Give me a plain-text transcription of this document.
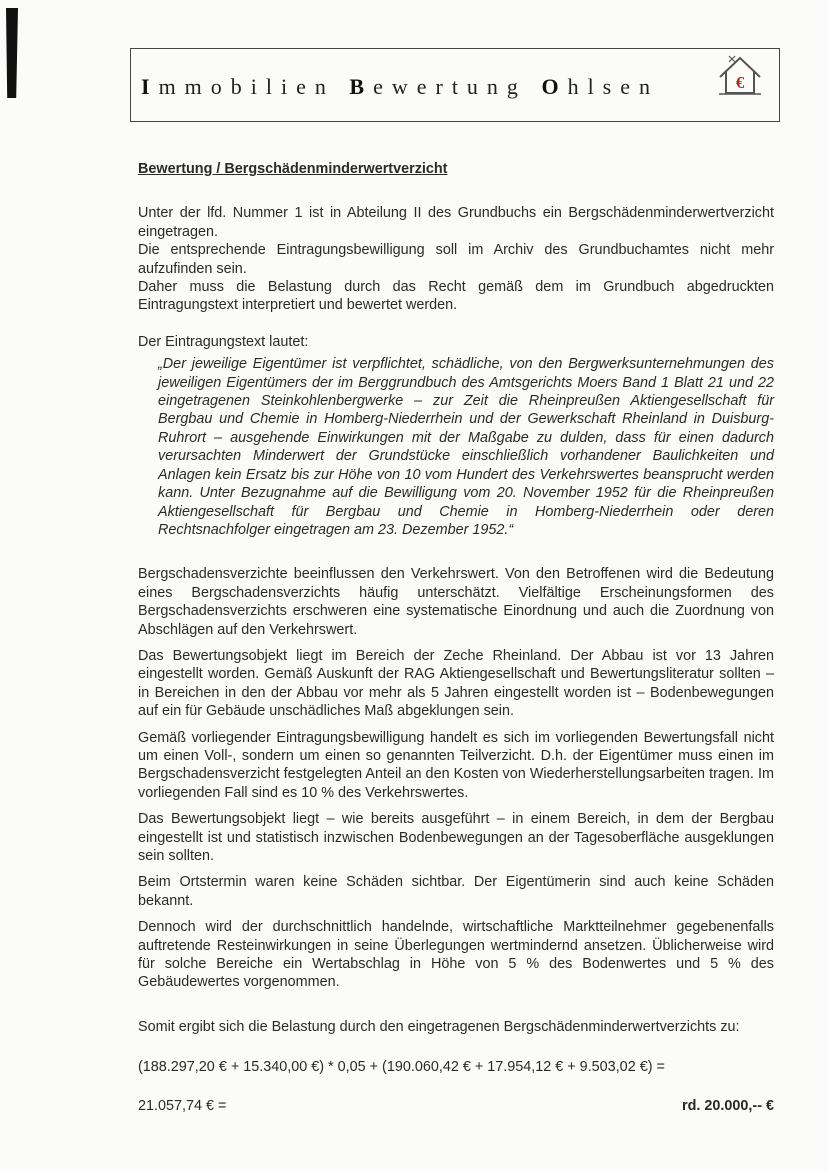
Immobilien Bewertung Ohlsen	€
Bewertung / Bergschädenminderwertverzicht

Unter der lfd. Nummer 1 ist in Abteilung II des Grundbuchs ein Bergschädenminderwertverzicht eingetragen.

Die entsprechende Eintragungsbewilligung soll im Archiv des Grundbuchamtes nicht mehr aufzufinden sein.

Daher muss die Belastung durch das Recht gemäß dem im Grundbuch abgedruckten Eintragungstext interpretiert und bewertet werden.

Der Eintragungstext lautet:

„Der jeweilige Eigentümer ist verpflichtet, schädliche, von den Bergwerksunternehmungen des jeweiligen Eigentümers der im Berggrundbuch des Amtsgerichts Moers Band 1 Blatt 21 und 22 eingetragenen Steinkohlenbergwerke – zur Zeit die Rheinpreußen Aktiengesellschaft für Bergbau und Chemie in Homberg-Niederrhein und der Gewerkschaft Rheinland in Duisburg-Ruhrort – ausgehende Einwirkungen mit der Maßgabe zu dulden, dass für einen dadurch verursachten Minderwert der Grundstücke einschließlich vorhandener Baulichkeiten und Anlagen kein Ersatz bis zur Höhe von 10 vom Hundert des Verkehrswertes beansprucht werden kann. Unter Bezugnahme auf die Bewilligung vom 20. November 1952 für die Rheinpreußen Aktiengesellschaft für Bergbau und Chemie in Homberg-Niederrhein oder deren Rechtsnachfolger eingetragen am 23. Dezember 1952.“

Bergschadensverzichte beeinflussen den Verkehrswert. Von den Betroffenen wird die Bedeutung eines Bergschadensverzichts häufig unterschätzt. Vielfältige Erscheinungsformen des Bergschadensverzichts erschweren eine systematische Einordnung und auch die Zuordnung von Abschlägen auf den Verkehrswert.

Das Bewertungsobjekt liegt im Bereich der Zeche Rheinland. Der Abbau ist vor 13 Jahren eingestellt worden. Gemäß Auskunft der RAG Aktiengesellschaft und Bewertungsliteratur sollten – in Bereichen in den der Abbau vor mehr als 5 Jahren eingestellt worden ist – Bodenbewegungen auf ein für Gebäude unschädliches Maß abgeklungen sein.

Gemäß vorliegender Eintragungsbewilligung handelt es sich im vorliegenden Bewertungsfall nicht um einen Voll-, sondern um einen so genannten Teilverzicht. D.h. der Eigentümer muss einen im Bergschadensverzicht festgelegten Anteil an den Kosten von Wiederherstellungsarbeiten tragen. Im vorliegenden Fall sind es 10 % des Verkehrswertes.

Das Bewertungsobjekt liegt – wie bereits ausgeführt – in einem Bereich, in dem der Bergbau eingestellt ist und statistisch inzwischen Bodenbewegungen an der Tagesoberfläche ausgeklungen sein sollten.

Beim Ortstermin waren keine Schäden sichtbar. Der Eigentümerin sind auch keine Schäden bekannt.

Dennoch wird der durchschnittlich handelnde, wirtschaftliche Marktteilnehmer gegebenenfalls auftretende Resteinwirkungen in seine Überlegungen wertmindernd ansetzen. Üblicherweise wird für solche Bereiche ein Wertabschlag in Höhe von 5 % des Bodenwertes und 5 % des Gebäudewertes vorgenommen.

Somit ergibt sich die Belastung durch den eingetragenen Bergschädenminderwertverzichts zu:

(188.297,20 € + 15.340,00 €) * 0,05 + (190.060,42 € + 17.954,12 € + 9.503,02 €) =

21.057,74 € =	rd. 20.000,-- €
